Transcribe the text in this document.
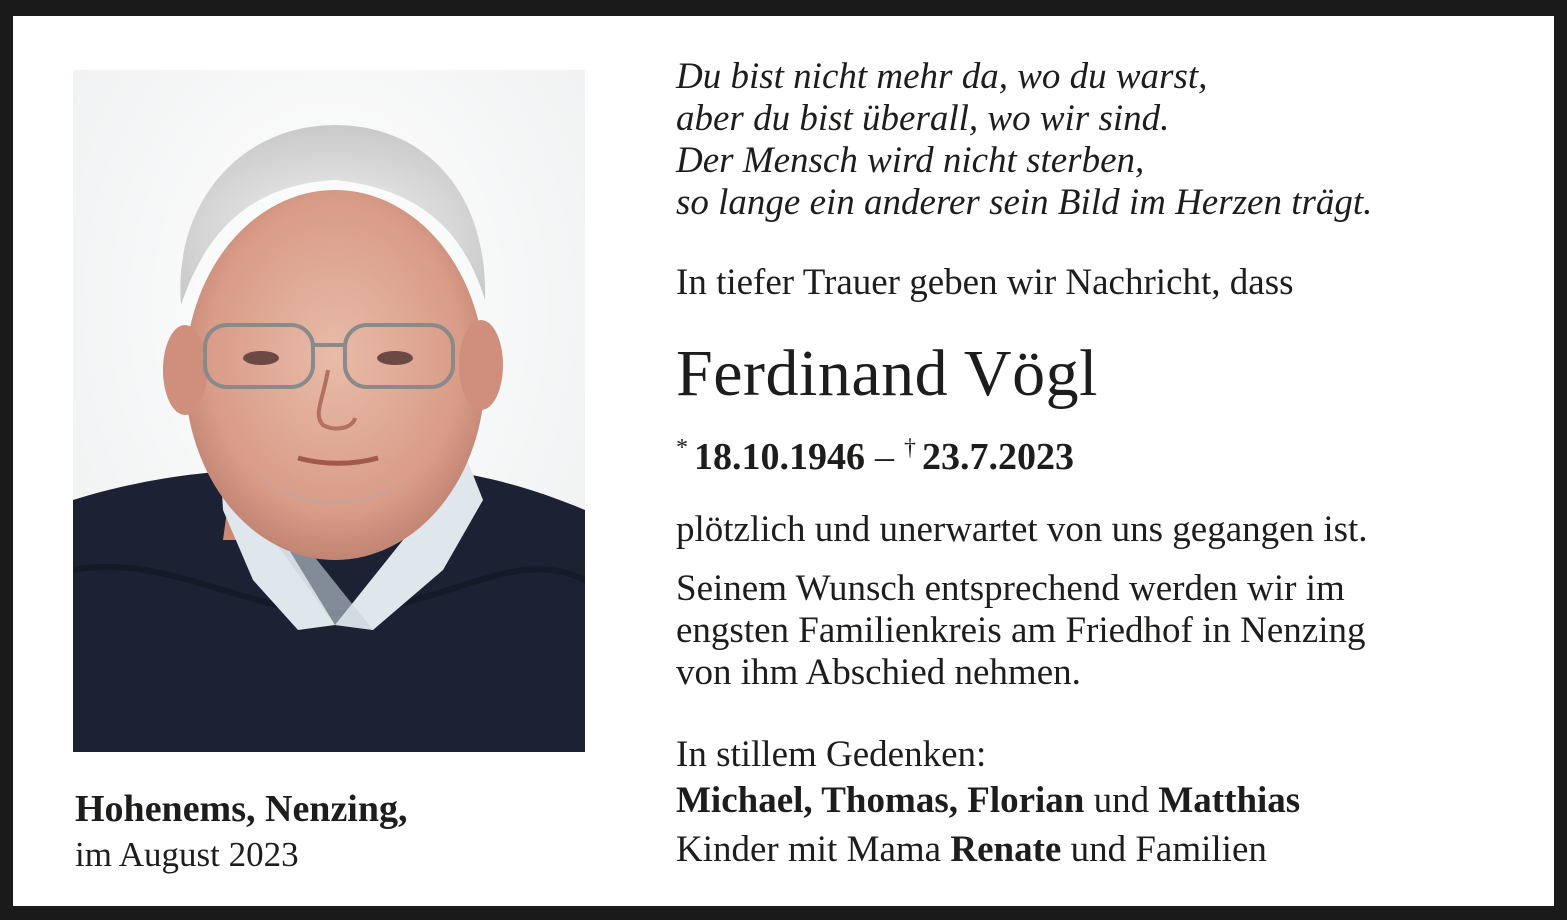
Du bist nicht mehr da, wo du warst,
aber du bist überall, wo wir sind.
Der Mensch wird nicht sterben,
so lange ein anderer sein Bild im Herzen trägt.
In tiefer Trauer geben wir Nachricht, dass
Ferdinand Vögl
* 18.10.1946 – † 23.7.2023
plötzlich und unerwartet von uns gegangen ist.
Seinem Wunsch entsprechend werden wir im
engsten Familienkreis am Friedhof in Nenzing
von ihm Abschied nehmen.
In stillem Gedenken:
Michael, Thomas, Florian und Matthias
Kinder mit Mama Renate und Familien
Hohenems, Nenzing,
im August 2023
